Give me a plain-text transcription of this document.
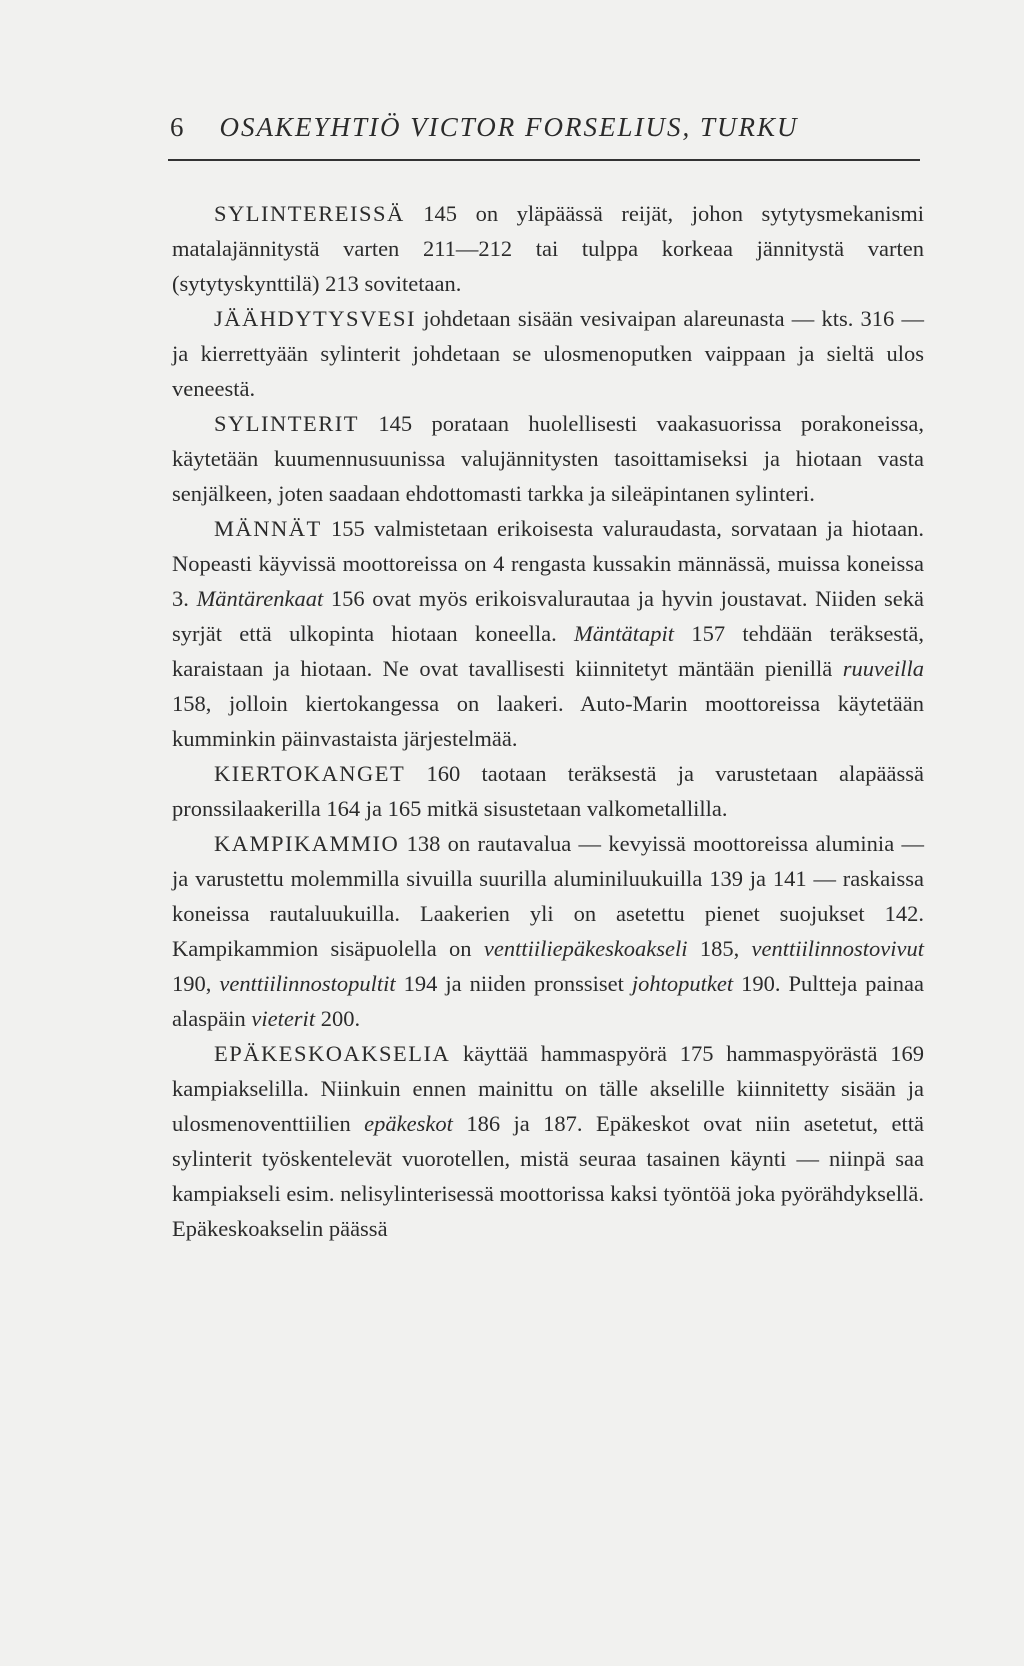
6 OSAKEYHTIÖ VICTOR FORSELIUS, TURKU

SYLINTEREISSÄ 145 on yläpäässä reijät, johon sytytysmekanismi matalajännitystä varten 211—212 tai tulppa korkeaa jännitystä varten (sytytyskynttilä) 213 sovitetaan.

JÄÄHDYTYSVESI johdetaan sisään vesivaipan alareunasta — kts. 316 — ja kierrettyään sylinterit johdetaan se ulosmenoputken vaippaan ja sieltä ulos veneestä.

SYLINTERIT 145 porataan huolellisesti vaakasuorissa porakoneissa, käytetään kuumennusuunissa valujännitysten tasoittamiseksi ja hiotaan vasta senjälkeen, joten saadaan ehdottomasti tarkka ja sileäpintanen sylinteri.

MÄNNÄT 155 valmistetaan erikoisesta valuraudasta, sorvataan ja hiotaan. Nopeasti käyvissä moottoreissa on 4 rengasta kussakin männässä, muissa koneissa 3. Mäntärenkaat 156 ovat myös erikoisvalurautaa ja hyvin joustavat. Niiden sekä syrjät että ulkopinta hiotaan koneella. Mäntätapit 157 tehdään teräksestä, karaistaan ja hiotaan. Ne ovat tavallisesti kiinnitetyt mäntään pienillä ruuveilla 158, jolloin kiertokangessa on laakeri. Auto-Marin moottoreissa käytetään kumminkin päinvastaista järjestelmää.

KIERTOKANGET 160 taotaan teräksestä ja varustetaan alapäässä pronssilaakerilla 164 ja 165 mitkä sisustetaan valkometallilla.

KAMPIKAMMIO 138 on rautavalua — kevyissä moottoreissa aluminia — ja varustettu molemmilla sivuilla suurilla aluminiluukuilla 139 ja 141 — raskaissa koneissa rautaluukuilla. Laakerien yli on asetettu pienet suojukset 142. Kampikammion sisäpuolella on venttiiliepäkeskoakseli 185, venttiilinnostovivut 190, venttiilinnostopultit 194 ja niiden pronssiset johtoputket 190. Pultteja painaa alaspäin vieterit 200.

EPÄKESKOAKSELIA käyttää hammaspyörä 175 hammaspyörästä 169 kampiakselilla. Niinkuin ennen mainittu on tälle akselille kiinnitetty sisään ja ulosmenoventtiilien epäkeskot 186 ja 187. Epäkeskot ovat niin asetetut, että sylinterit työskentelevät vuorotellen, mistä seuraa tasainen käynti — niinpä saa kampiakseli esim. nelisylinterisessä moottorissa kaksi työntöä joka pyörähdyksellä. Epäkeskoakselin päässä
